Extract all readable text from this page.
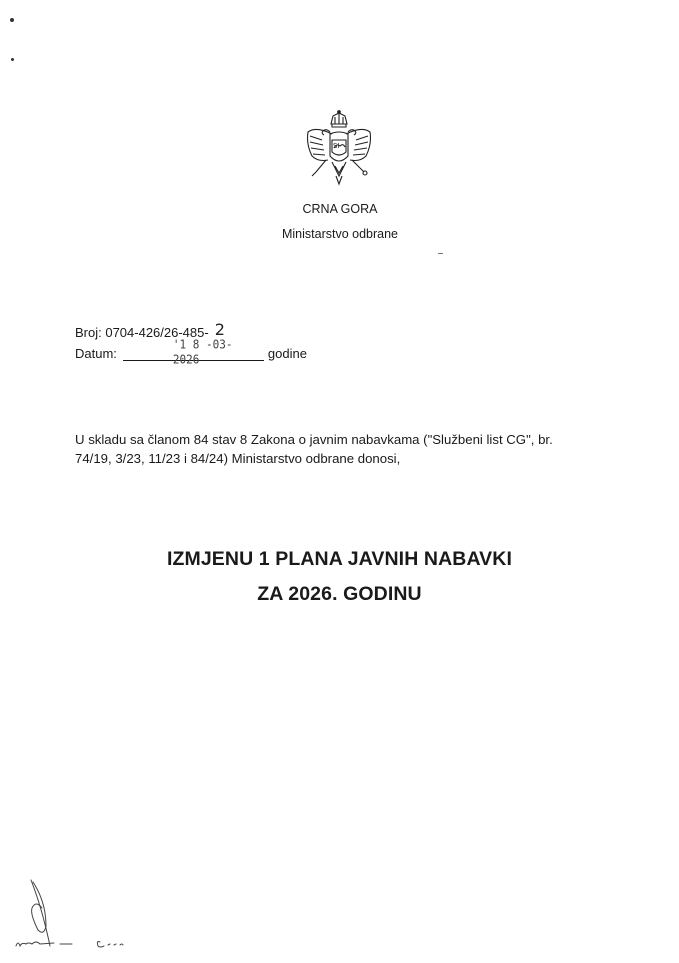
ЅІ
CRNA GORA
Ministarstvo odbrane
Broj: 0704-426/26-485- 2
Datum:
'1 8 -03- 2026	godine
U skladu sa članom 84 stav 8 Zakona o javnim nabavkama ("Službeni list CG", br. 74/19, 3/23, 11/23 i 84/24) Ministarstvo odbrane donosi,
IZMJENU 1 PLANA JAVNIH NABAVKI
ZA 2026. GODINU
